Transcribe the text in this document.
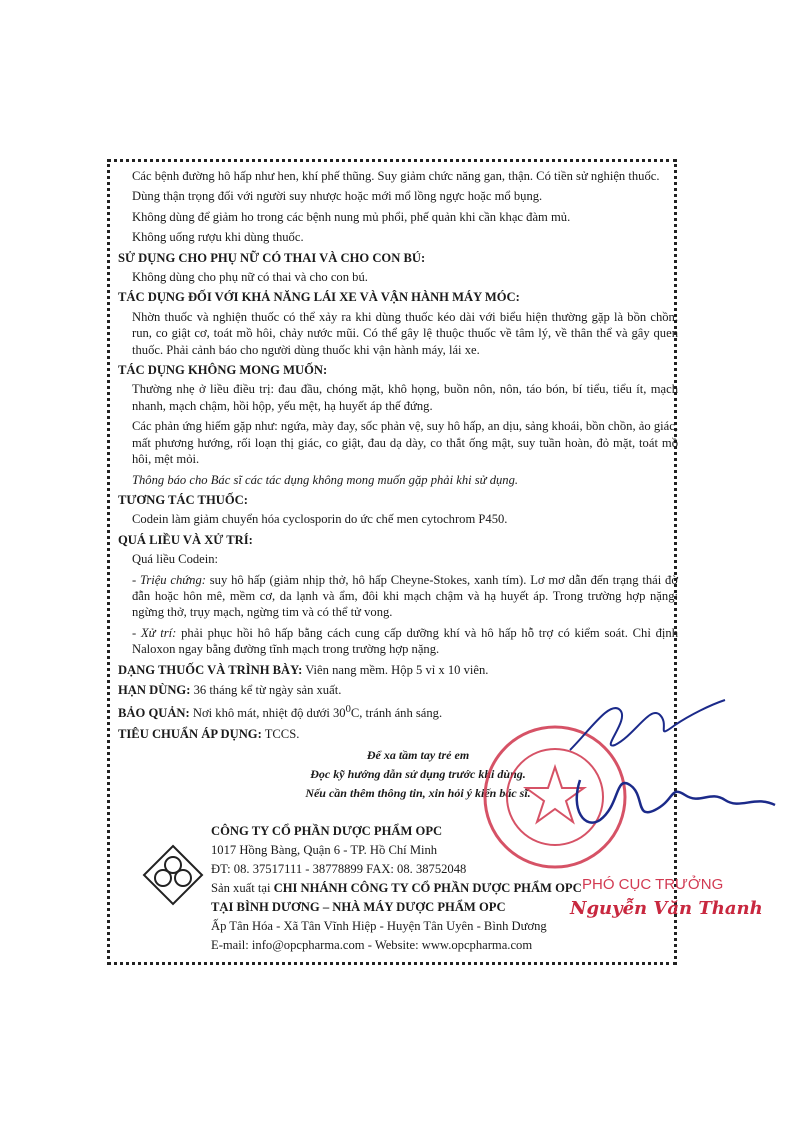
Các bệnh đường hô hấp như hen, khí phế thũng. Suy giảm chức năng gan, thận. Có tiền sử nghiện thuốc.

Dùng thận trọng đối với người suy nhược hoặc mới mổ lồng ngực hoặc mổ bụng.

Không dùng để giảm ho trong các bệnh nung mủ phổi, phế quản khi cần khạc đàm mủ.

Không uống rượu khi dùng thuốc.

SỬ DỤNG CHO PHỤ NỮ CÓ THAI VÀ CHO CON BÚ:

Không dùng cho phụ nữ có thai và cho con bú.

TÁC DỤNG ĐỐI VỚI KHẢ NĂNG LÁI XE VÀ VẬN HÀNH MÁY MÓC:

Nhờn thuốc và nghiện thuốc có thể xảy ra khi dùng thuốc kéo dài với biểu hiện thường gặp là bồn chồn, run, co giật cơ, toát mồ hôi, chảy nước mũi. Có thể gây lệ thuộc thuốc về tâm lý, về thân thể và gây quen thuốc. Phải cảnh báo cho người dùng thuốc khi vận hành máy, lái xe.

TÁC DỤNG KHÔNG MONG MUỐN:

Thường nhẹ ở liều điều trị: đau đầu, chóng mặt, khô họng, buồn nôn, nôn, táo bón, bí tiểu, tiểu ít, mạch nhanh, mạch chậm, hồi hộp, yếu mệt, hạ huyết áp thế đứng.

Các phản ứng hiếm gặp như: ngứa, mày đay, sốc phản vệ, suy hô hấp, an dịu, sảng khoái, bồn chồn, ảo giác, mất phương hướng, rối loạn thị giác, co giật, đau dạ dày, co thắt ống mật, suy tuần hoàn, đỏ mặt, toát mồ hôi, mệt mỏi.

Thông báo cho Bác sĩ các tác dụng không mong muốn gặp phải khi sử dụng.

TƯƠNG TÁC THUỐC:

Codein làm giảm chuyển hóa cyclosporin do ức chế men cytochrom P450.

QUÁ LIỀU VÀ XỬ TRÍ:

Quá liều Codein:

- Triệu chứng: suy hô hấp (giảm nhịp thở, hô hấp Cheyne-Stokes, xanh tím). Lơ mơ dẫn đến trạng thái đờ đẫn hoặc hôn mê, mềm cơ, da lạnh và ẩm, đôi khi mạch chậm và hạ huyết áp. Trong trường hợp nặng: ngừng thở, trụy mạch, ngừng tim và có thể tử vong.

- Xử trí: phải phục hồi hô hấp bằng cách cung cấp dưỡng khí và hô hấp hỗ trợ có kiểm soát. Chỉ định Naloxon ngay bằng đường tĩnh mạch trong trường hợp nặng.

DẠNG THUỐC VÀ TRÌNH BÀY: Viên nang mềm. Hộp 5 vỉ x 10 viên.

HẠN DÙNG: 36 tháng kể từ ngày sản xuất.

BẢO QUẢN: Nơi khô mát, nhiệt độ dưới $30^0C$, tránh ánh sáng.

TIÊU CHUẨN ÁP DỤNG: TCCS.

Để xa tầm tay trẻ em
Đọc kỹ hướng dẫn sử dụng trước khi dùng.
Nếu cần thêm thông tin, xin hỏi ý kiến bác sĩ.
CÔNG TY CỔ PHẦN DƯỢC PHẨM OPC
1017 Hồng Bàng, Quận 6 - TP. Hồ Chí Minh
ĐT: 08. 37517111 - 38778899 FAX: 08. 38752048
Sản xuất tại CHI NHÁNH CÔNG TY CỔ PHẦN DƯỢC PHẨM OPC
TẠI BÌNH DƯƠNG – NHÀ MÁY DƯỢC PHẨM OPC
Ấp Tân Hóa - Xã Tân Vĩnh Hiệp - Huyện Tân Uyên - Bình Dương
E-mail: info@opcpharma.com - Website: www.opcpharma.com
PHÓ CỤC TRƯỞNG
Nguyễn Văn Thanh
